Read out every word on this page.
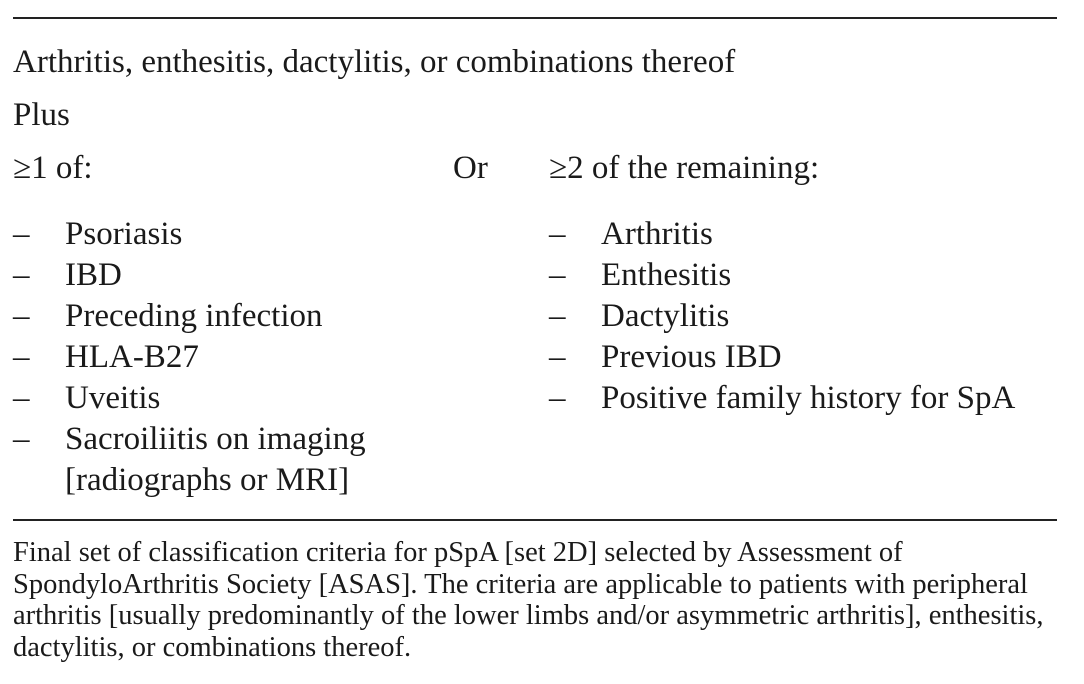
Arthritis, enthesitis, dactylitis, or combinations thereof
Plus
≥1 of:	Or ≥2 of the remaining:
– Psoriasis
– IBD
– Preceding infection
– HLA-B27
– Uveitis
– Sacroiliitis on imaging [radiographs or MRI]
– Arthritis
– Enthesitis
– Dactylitis
– Previous IBD
– Positive family history for SpA
Final set of classification criteria for pSpA [set 2D] selected by Assessment of SpondyloArthritis Society [ASAS]. The criteria are applicable to patients with peripheral arthritis [usually predominantly of the lower limbs and/or asymmetric arthritis], enthesitis, dactylitis, or combinations thereof.
